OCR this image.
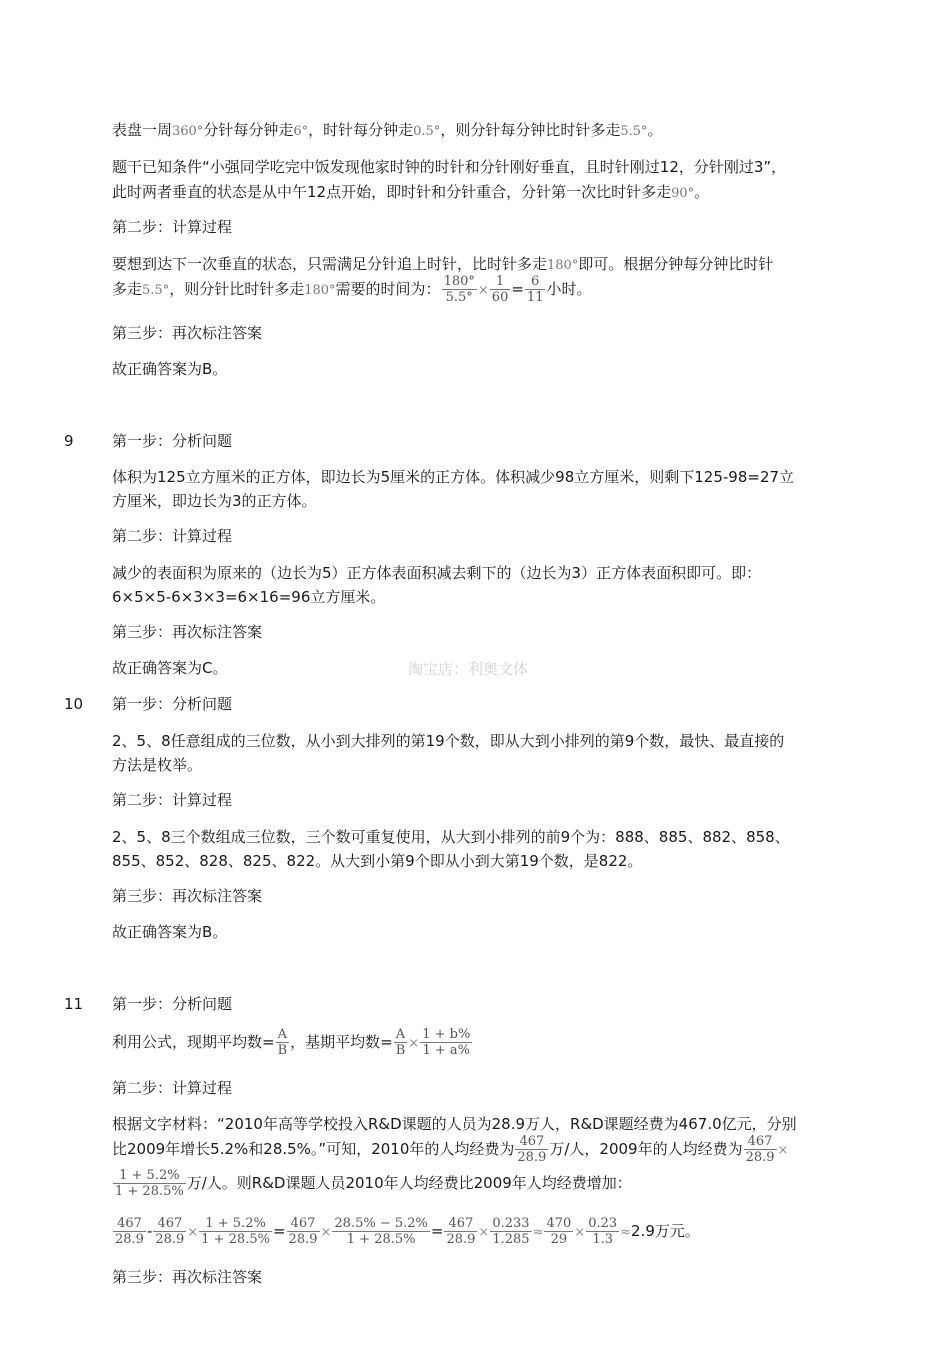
表盘一周360°分针每分钟走6°，时针每分钟走0.5°，则分针每分钟比时针多走5.5°。
题干已知条件“小强同学吃完中饭发现他家时钟的时针和分针刚好垂直，且时针刚过12，分针刚过3”，
此时两者垂直的状态是从中午12点开始，即时针和分针重合，分针第一次比时针多走90°。
第二步：计算过程
要想到达下一次垂直的状态，只需满足分针追上时针，比时针多走180°即可。根据分钟每分钟比时针
多走5.5°，则分针比时针多走180°需要的时间为： $\frac{180^\circ}{5.5^\circ} \times \frac{1}{60} = \frac{6}{11}$ 小时。
第三步：再次标注答案
故正确答案为B。
9	第一步：分析问题
体积为125立方厘米的正方体，即边长为5厘米的正方体。体积减少98立方厘米，则剩下125-98=27立
方厘米，即边长为3的正方体。
第二步：计算过程
减少的表面积为原来的（边长为5）正方体表面积减去剩下的（边长为3）正方体表面积即可。即：
6×5×5-6×3×3=6×16=96立方厘米。
第三步：再次标注答案
故正确答案为C。	淘宝店：利奥文体
10 第一步：分析问题
2、5、8任意组成的三位数，从小到大排列的第19个数，即从大到小排列的第9个数，最快、最直接的
方法是枚举。
第二步：计算过程
2、5、8三个数组成三位数，三个数可重复使用，从大到小排列的前9个为：888、885、882、858、
855、852、828、825、822。从大到小第9个即从小到大第19个数，是822。
第三步：再次标注答案
故正确答案为B。
11 第一步：分析问题
利用公式，现期平均数= $\frac{A}{B}$ ，基期平均数= $\frac{A}{B} \times \frac{1 + b\%}{1 + a\%}$
第二步：计算过程
根据文字材料：“2010年高等学校投入R&D课题的人员为28.9万人，R&D课题经费为467.0亿元，分别
比2009年增长5.2%和28.5%。”可知，2010年的人均经费为 $\frac{467}{28.9}$ 万/人，2009年的人均经费为 $\frac{467}{28.9}$ ×
$\frac{1 + 5.2\%}{1 + 28.5\%}$ 万/人。则R&D课题人员2010年人均经费比2009年人均经费增加：
$\frac{467}{28.9} - \frac{467}{28.9} \times \frac{1 + 5.2\%}{1 + 28.5\%} = \frac{467}{28.9} \times \frac{28.5\% - 5.2\%}{1 + 28.5\%} = \frac{467}{28.9} \times \frac{0.233}{1.285} \approx \frac{470}{29} \times \frac{0.23}{1.3} \approx 2.9$万元。
第三步：再次标注答案
